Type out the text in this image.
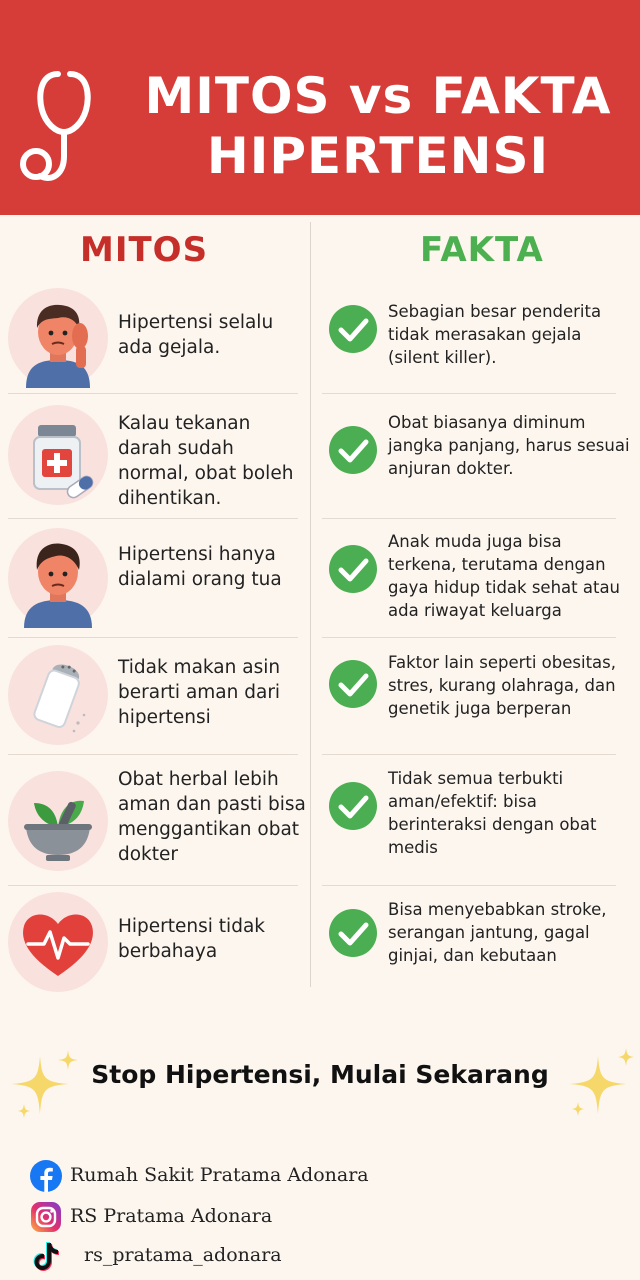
MITOS vs FAKTA
HIPERTENSI
MITOS	FAKTA
Hipertensi selalu ada gejala.
Sebagian besar penderita tidak merasakan gejala (silent killer).
Kalau tekanan darah sudah normal, obat boleh dihentikan.
Obat biasanya diminum jangka panjang, harus sesuai anjuran dokter.
Hipertensi hanya dialami orang tua
Anak muda juga bisa terkena, terutama dengan gaya hidup tidak sehat atau ada riwayat keluarga
Tidak makan asin berarti aman dari hipertensi
Faktor lain seperti obesitas, stres, kurang olahraga, dan genetik juga berperan
Obat herbal lebih aman dan pasti bisa menggantikan obat dokter
Tidak semua terbukti aman/efektif: bisa berinteraksi dengan obat medis
Hipertensi tidak berbahaya
Bisa menyebabkan stroke, serangan jantung, gagal ginjai, dan kebutaan
Stop Hipertensi, Mulai Sekarang
Rumah Sakit Pratama Adonara
RS Pratama Adonara
rs_pratama_adonara
